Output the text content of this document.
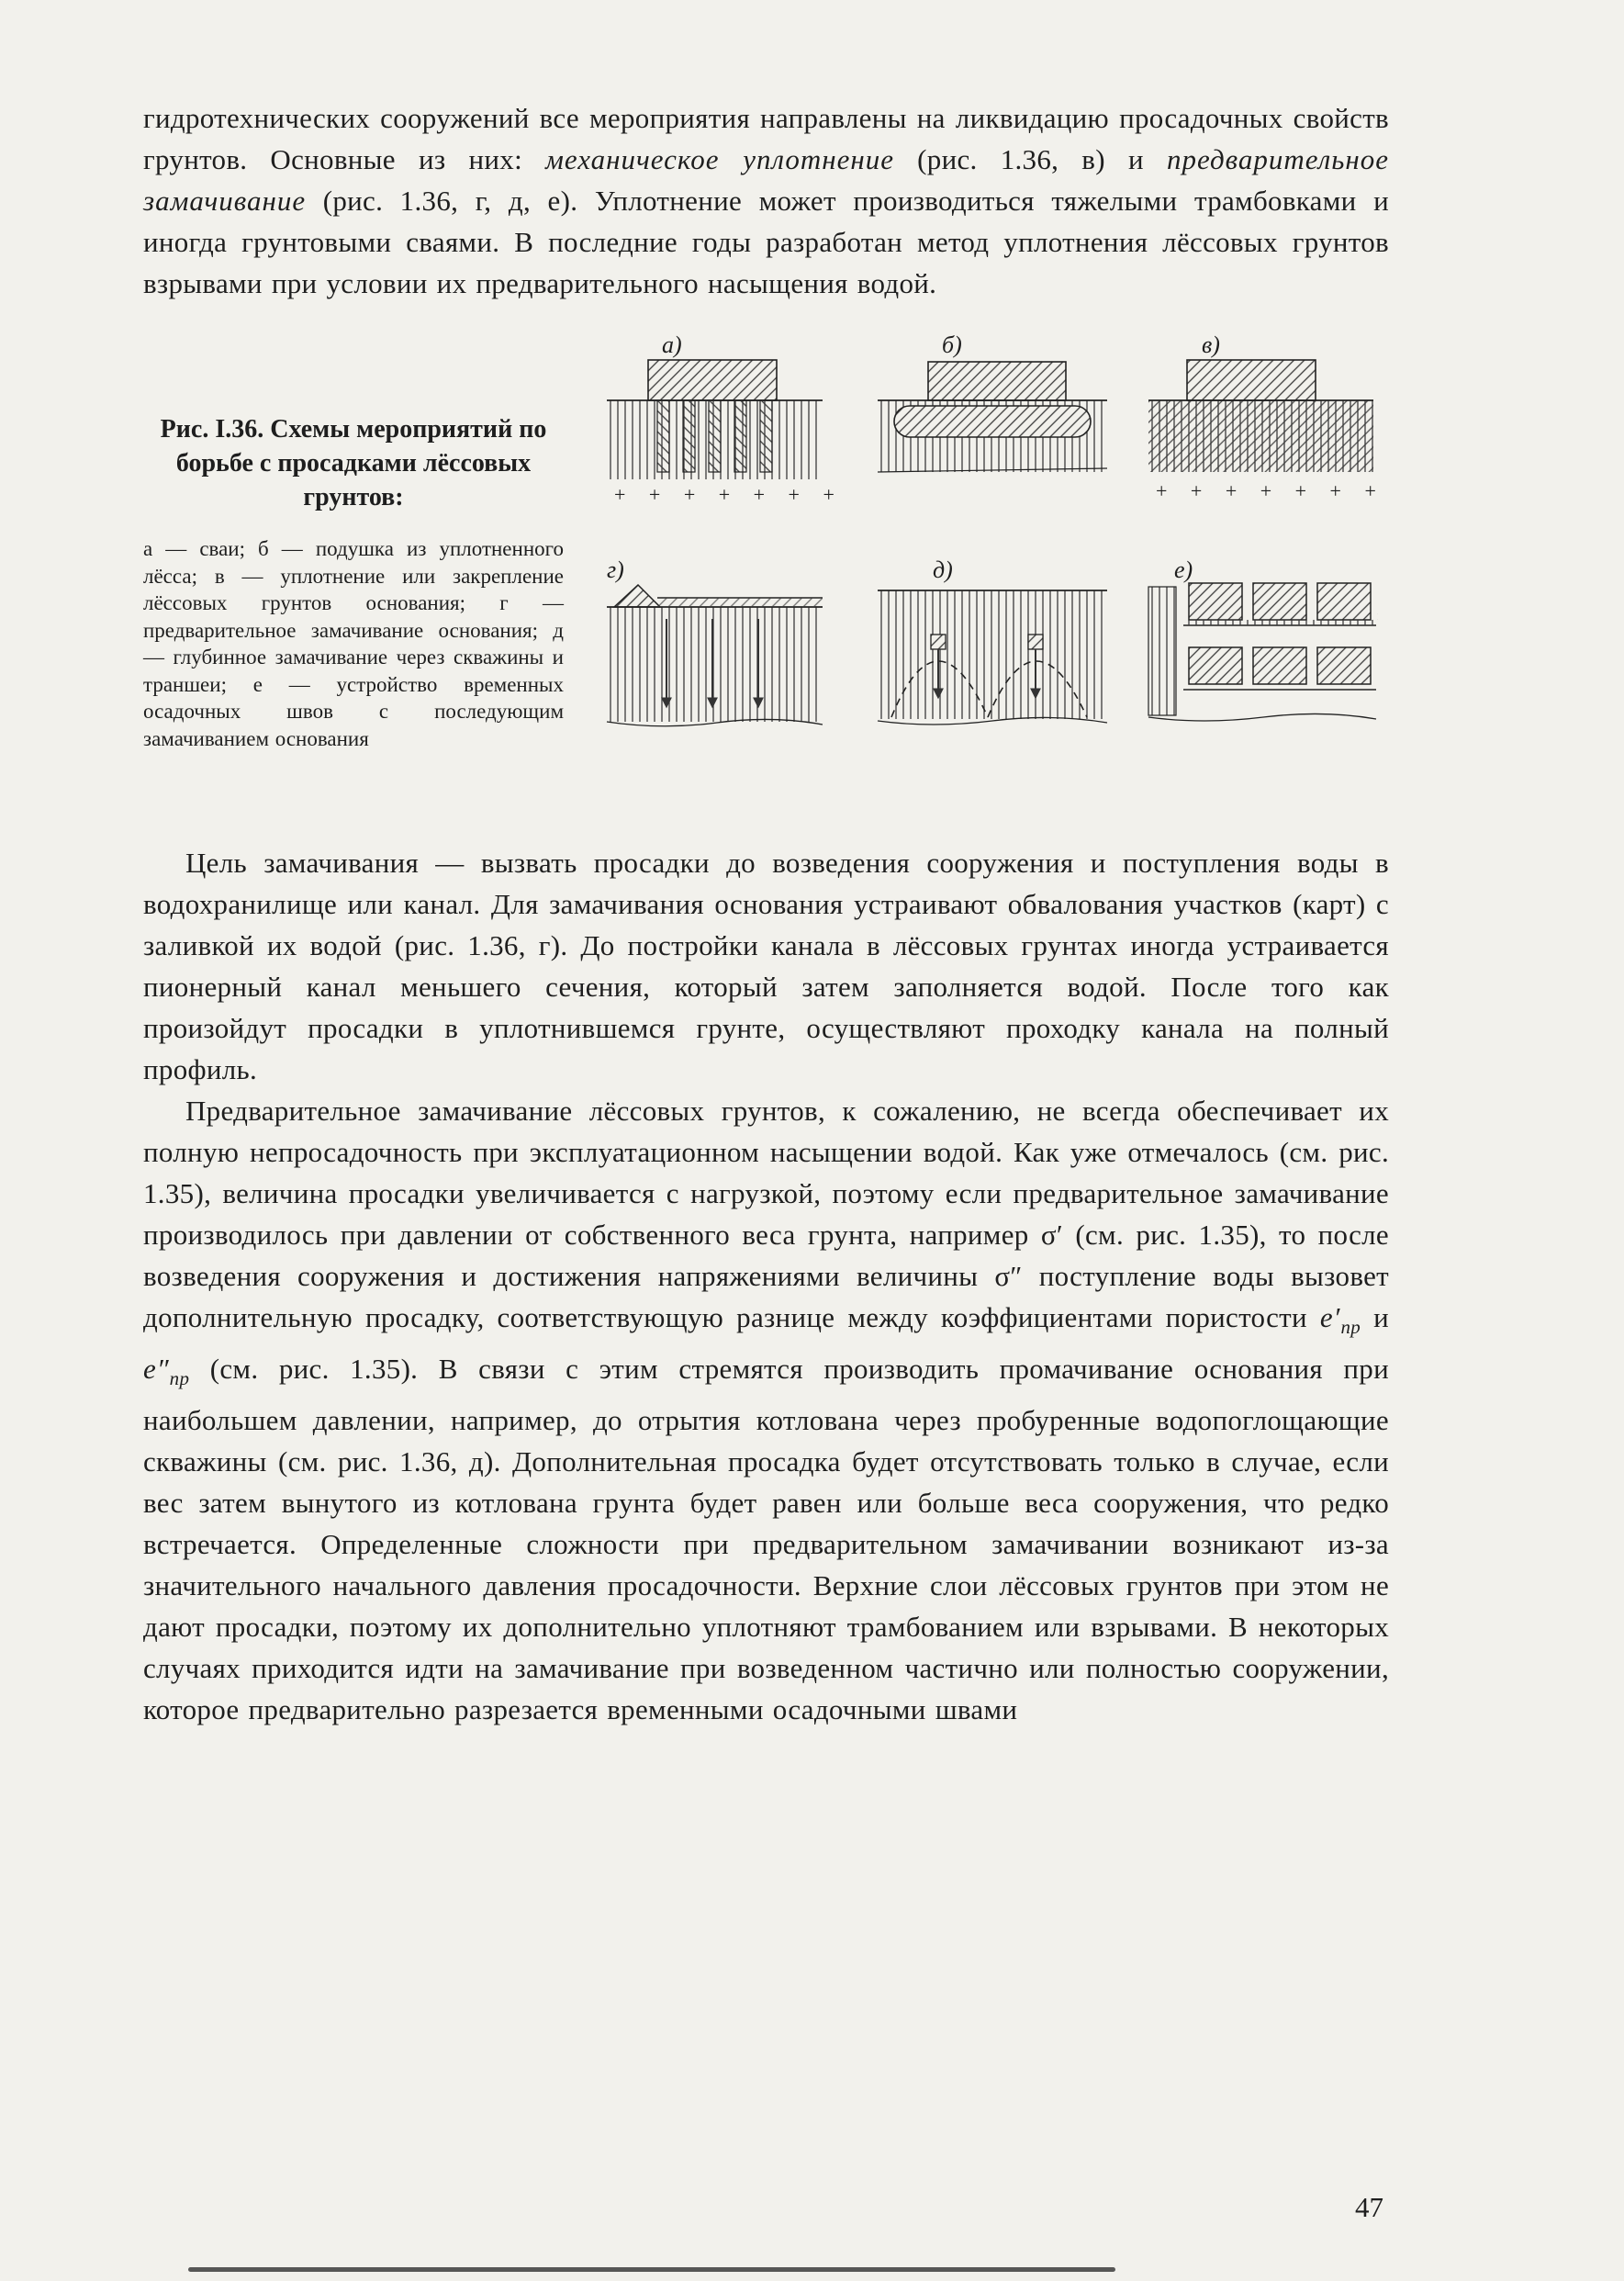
гидротехнических сооружений все мероприятия направлены на ликвидацию просадочных свойств грунтов. Основные из них: механическое уплотнение (рис. 1.36, в) и предварительное замачивание (рис. 1.36, г, д, е). Уплотнение может производиться тяжелыми трамбовками и иногда грунтовыми сваями. В последние годы разработан метод уплотнения лёссовых грунтов взрывами при условии их предварительного насыщения водой.

Рис. I.36. Схемы мероприятий по борьбе с просадками лёссовых грунтов:

а — сваи; б — подушка из уплотненного лёсса; в — уплотнение или закрепление лёссовых грунтов основания; г — предварительное замачивание основания; д — глубинное замачивание через скважины и траншеи; е — устройство временных осадочных швов с последующим замачиванием основания

а)
+ + + + + + +
б)	в)
+ + + + + + +
г)	д)	е)

Цель замачивания — вызвать просадки до возведения сооружения и поступления воды в водохранилище или канал. Для замачивания основания устраивают обвалования участков (карт) с заливкой их водой (рис. 1.36, г). До постройки канала в лёссовых грунтах иногда устраивается пионерный канал меньшего сечения, который затем заполняется водой. После того как произойдут просадки в уплотнившемся грунте, осуществляют проходку канала на полный профиль.

Предварительное замачивание лёссовых грунтов, к сожалению, не всегда обеспечивает их полную непросадочность при эксплуатационном насыщении водой. Как уже отмечалось (см. рис. 1.35), величина просадки увеличивается с нагрузкой, поэтому если предварительное замачивание производилось при давлении от собственного веса грунта, например σ′ (см. рис. 1.35), то после возведения сооружения и достижения напряжениями величины σ″ поступление воды вызовет дополнительную просадку, соответствующую разнице между коэффициентами пористости $e'_{пр}$ и $e''_{пр}$ (см. рис. 1.35). В связи с этим стремятся производить промачивание основания при наибольшем давлении, например, до отрытия котлована через пробуренные водопоглощающие скважины (см. рис. 1.36, д). Дополнительная просадка будет отсутствовать только в случае, если вес затем вынутого из котлована грунта будет равен или больше веса сооружения, что редко встречается. Определенные сложности при предварительном замачивании возникают из-за значительного начального давления просадочности. Верхние слои лёссовых грунтов при этом не дают просадки, поэтому их дополнительно уплотняют трамбованием или взрывами. В некоторых случаях приходится идти на замачивание при возведенном частично или полностью сооружении, которое предварительно разрезается временными осадочными швами

47
